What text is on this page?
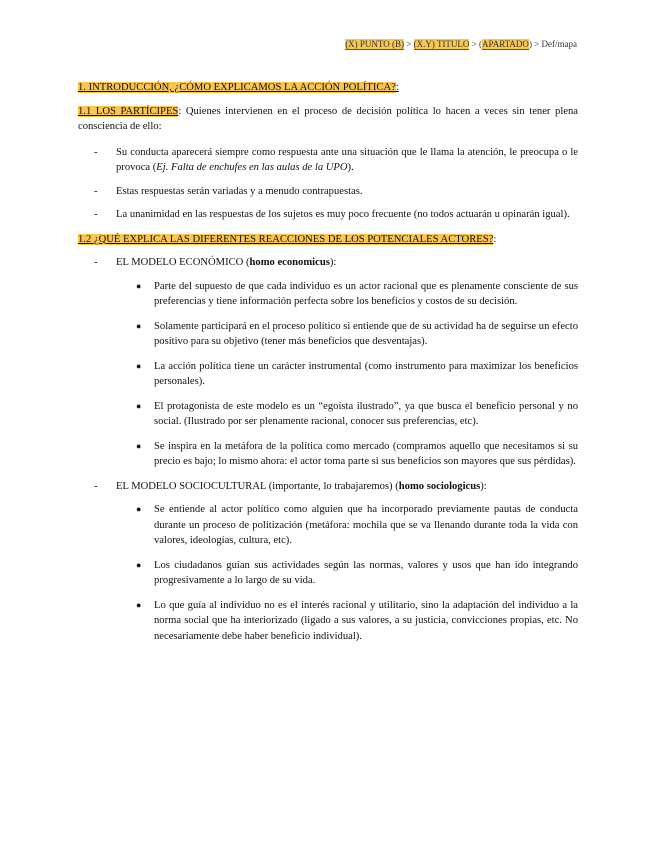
(X) PUNTO (B) > (X.Y) TITULO > (APARTADO) > Def/mapa

1. INTRODUCCIÓN, ¿CÓMO EXPLICAMOS LA ACCIÓN POLÍTICA?:

1.1 LOS PARTÍCIPES: Quienes intervienen en el proceso de decisión política lo hacen a veces sin tener plena consciencia de ello:

-	Su conducta aparecerá siempre como respuesta ante una situación que le llama la atención, le preocupa o le provoca (Ej. Falta de enchufes en las aulas de la UPO).
-	Estas respuestas serán variadas y a menudo contrapuestas.
-	La unanimidad en las respuestas de los sujetos es muy poco frecuente (no todos actuarán u opinarán igual).

1.2 ¿QUÉ EXPLICA LAS DIFERENTES REACCIONES DE LOS POTENCIALES ACTORES?:

-	EL MODELO ECONÓMICO (homo economicus):
●	Parte del supuesto de que cada individuo es un actor racional que es plenamente consciente de sus preferencias y tiene información perfecta sobre los beneficios y costos de su decisión.
●	Solamente participará en el proceso político si entiende que de su actividad ha de seguirse un efecto positivo para su objetivo (tener más beneficios que desventajas).
●	La acción política tiene un carácter instrumental (como instrumento para maximizar los beneficios personales).
●	El protagonista de este modelo es un “egoísta ilustrado”, ya que busca el beneficio personal y no social. (Ilustrado por ser plenamente racional, conocer sus preferencias, etc).
●	Se inspira en la metáfora de la política como mercado (compramos aquello que necesitamos si su precio es bajo; lo mismo ahora: el actor toma parte si sus beneficios son mayores que sus pérdidas).
-	EL MODELO SOCIOCULTURAL (importante, lo trabajaremos) (homo sociologicus):
●	Se entiende al actor político como alguien que ha incorporado previamente pautas de conducta durante un proceso de politización (metáfora: mochila que se va llenando durante toda la vida con valores, ideologías, cultura, etc).
●	Los ciudadanos guían sus actividades según las normas, valores y usos que han ido integrando progresivamente a lo largo de su vida.
●	Lo que guía al individuo no es el interés racional y utilitario, sino la adaptación del individuo a la norma social que ha interiorizado (ligado a sus valores, a su justicia, convicciones propias, etc. No necesariamente debe haber beneficio individual).
